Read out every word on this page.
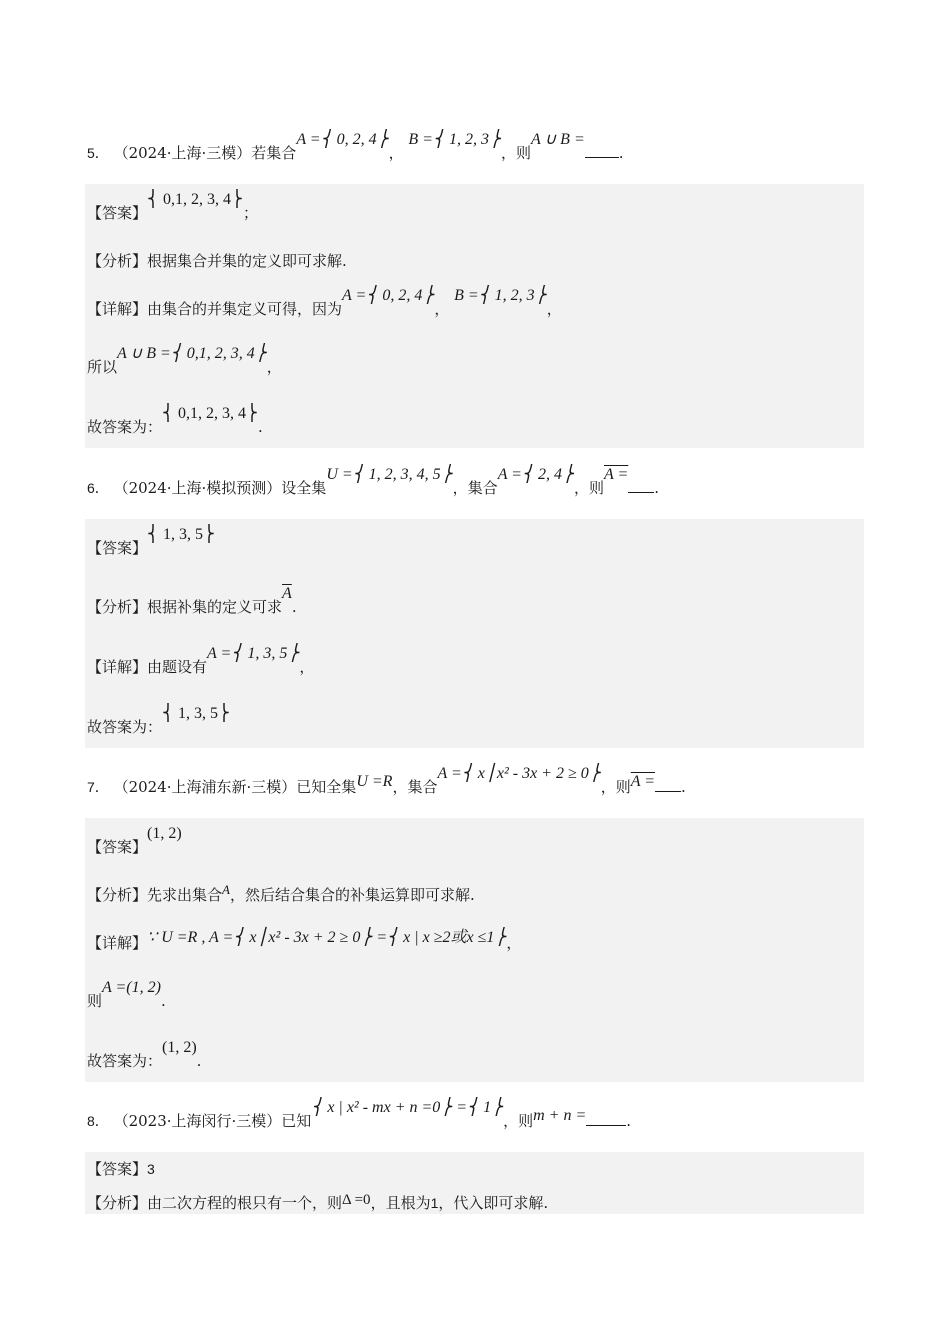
5． （2024·上海·三模）若集合A =⎨ 0, 2, 4⎬， B =⎨ 1, 2, 3⎬，则A ∪ B =.
【答案】⎨ 0,1, 2, 3, 4⎬；
【分析】根据集合并集的定义即可求解.
【详解】由集合的并集定义可得，因为A =⎨ 0, 2, 4⎬， B =⎨ 1, 2, 3⎬，
所以A ∪ B =⎨ 0,1, 2, 3, 4⎬，
故答案为：⎨ 0,1, 2, 3, 4⎬.
6． （2024·上海·模拟预测）设全集U =⎨ 1, 2, 3, 4, 5⎬，集合A =⎨ 2, 4⎬，则A =.
【答案】⎨ 1, 3, 5⎬
【分析】根据补集的定义可求$\overline{A}$.
【详解】由题设有A =⎨ 1, 3, 5⎬，
故答案为：⎨ 1, 3, 5⎬
7． （2024·上海浦东新·三模）已知全集U =R，集合A =⎨ x⎪x² - 3x + 2 ≥ 0⎬，则A = .
【答案】(1, 2)
【分析】先求出集合A，然后结合集合的补集运算即可求解.
【详解】∵ U =R , A =⎨ x⎪x² - 3x + 2 ≥ 0⎬ =⎨ x | x ≥2或x ≤1⎬，
则A =(1, 2).
故答案为：(1, 2).
8． （2023·上海闵行·三模）已知⎨ x | x² - mx + n =0⎬ =⎨ 1⎬，则m + n =	.
【答案】3
【分析】由二次方程的根只有一个，则Δ =0，且根为1，代入即可求解.
